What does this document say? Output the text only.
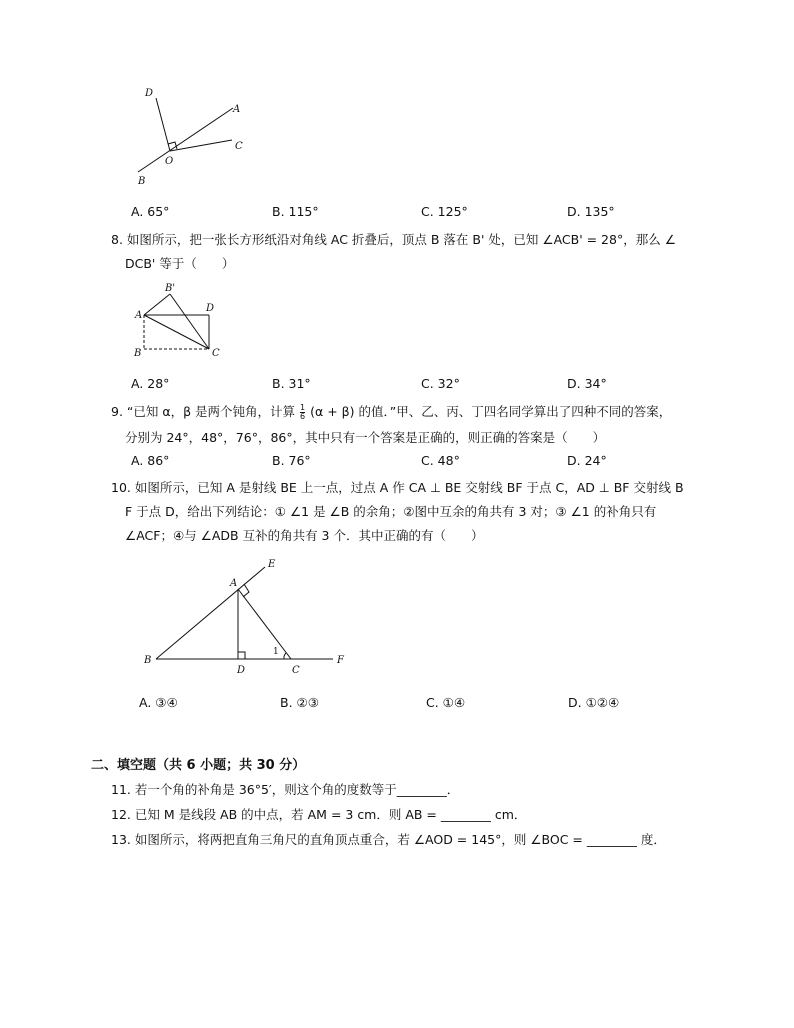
D
A
O
C
B
A. 65°	B. 115°	C. 125°	D. 135°
8. 如图所示，把一张长方形纸沿对角线 AC 折叠后，顶点 B 落在 B' 处，已知 ∠ACB' = 28°，那么 ∠
DCB' 等于（　　）
B'
A
D
B	C
A. 28°	B. 31°	C. 32°	D. 34°
9. “已知 α，β 是两个钝角，计算 $\frac{1}{6} (\alpha + \beta)$ 的值．”甲、乙、丙、丁四名同学算出了四种不同的答案，
分别为 24°，48°，76°，86°，其中只有一个答案是正确的，则正确的答案是（　　）
A. 86°	B. 76°	C. 48°	D. 24°
10. 如图所示，已知 A 是射线 BE 上一点，过点 A 作 CA ⊥ BE 交射线 BF 于点 C，AD ⊥ BF 交射线 B
F 于点 D，给出下列结论：① ∠1 是 ∠B 的余角；②图中互余的角共有 3 对；③ ∠1 的补角只有
∠ACF；④与 ∠ADB 互补的角共有 3 个．其中正确的有（　　）
E
A
B
D
1
C
F
A. ③④	B. ②③	C. ①④	D. ①②④
二、填空题（共 6 小题；共 30 分）
11. 若一个角的补角是 36°5′，则这个角的度数等于________．
12. 已知 M 是线段 AB 的中点，若 AM = 3 cm．则 AB = ________ cm．
13. 如图所示，将两把直角三角尺的直角顶点重合，若 ∠AOD = 145°，则 ∠BOC = ________ 度．
